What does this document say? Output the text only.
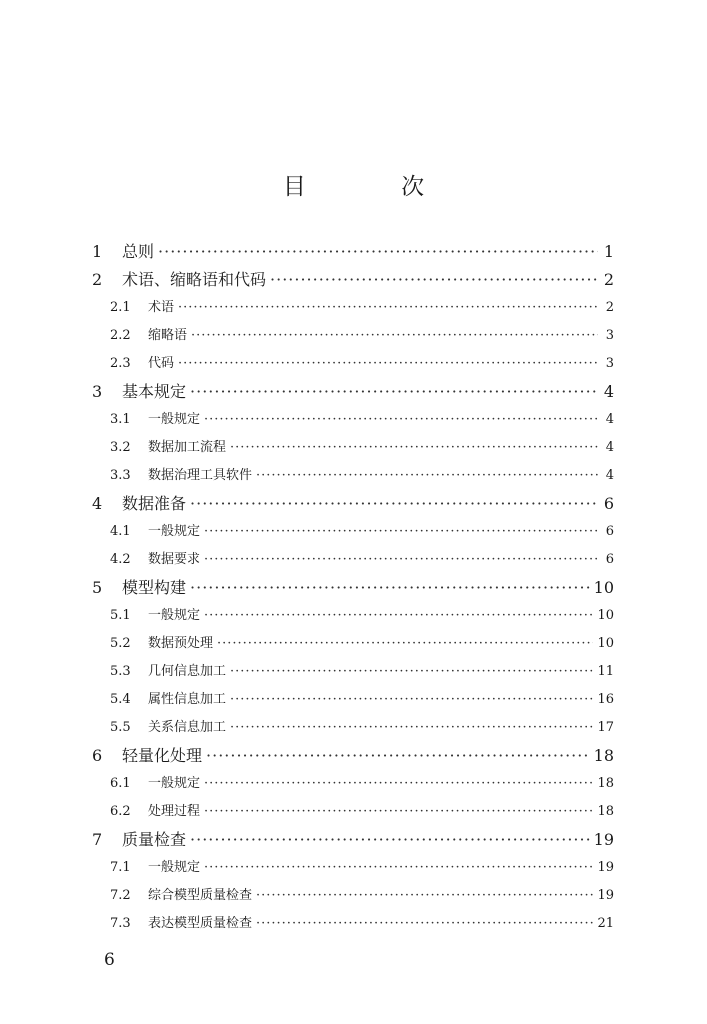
目 次
1	总则 ·····	1
2	术语、缩略语和代码 ·····	2
2.1	术语 ·····	2
2.2	缩略语 ·····	3
2.3	代码 ·····	3
3	基本规定 ·····	4
3.1	一般规定 ·····	4
3.2	数据加工流程 ·····	4
3.3	数据治理工具软件 ·····	4
4	数据准备 ·····	6
4.1	一般规定 ·····	6
4.2	数据要求 ·····	6
5	模型构建 ·····	10
5.1	一般规定 ·····	10
5.2	数据预处理 ·····	10
5.3	几何信息加工 ·····	11
5.4	属性信息加工 ·····	16
5.5	关系信息加工 ·····	17
6	轻量化处理 ·····	18
6.1	一般规定 ·····	18
6.2	处理过程 ·····	18
7	质量检查 ·····	19
7.1	一般规定 ·····	19
7.2	综合模型质量检查 ·····	19
7.3	表达模型质量检查 ·····	21
6
